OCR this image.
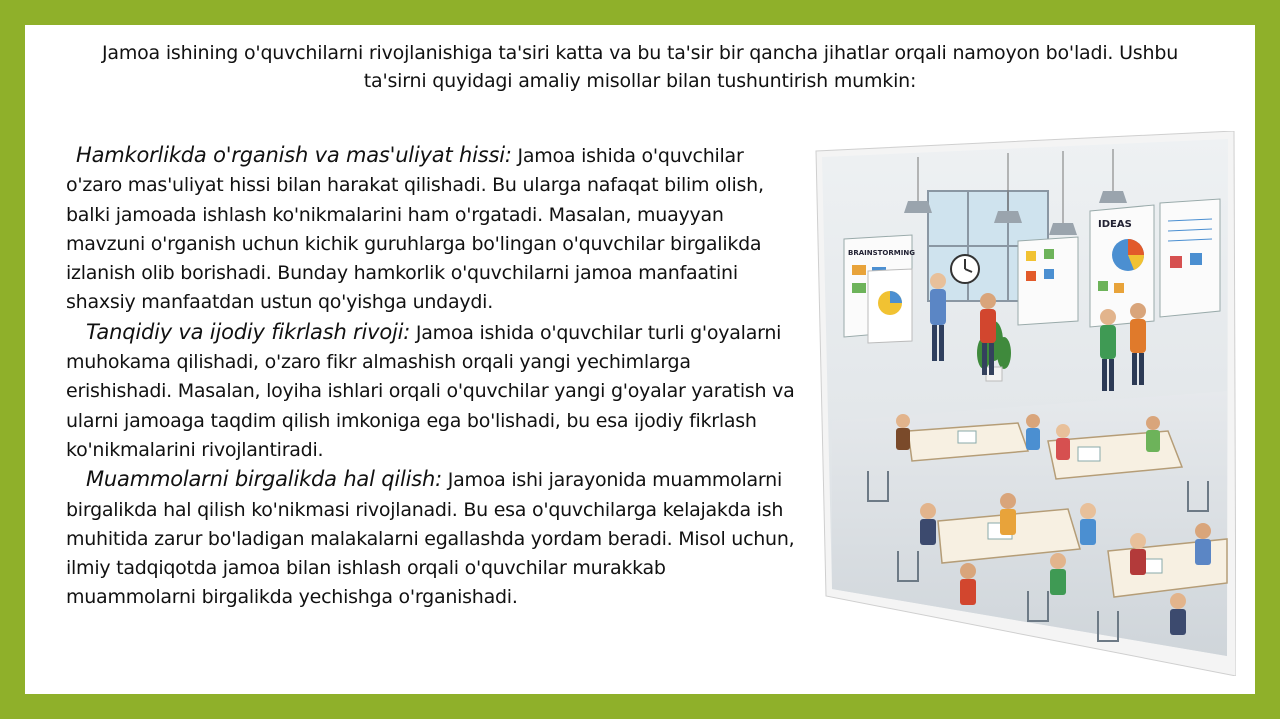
Jamoa ishining o'quvchilarni rivojlanishiga ta'siri katta va bu ta'sir bir qancha jihatlar orqali namoyon bo'ladi. Ushbu ta'sirni quyidagi amaliy misollar bilan tushuntirish mumkin:

Hamkorlikda o'rganish va mas'uliyat hissi: Jamoa ishida o'quvchilar o'zaro mas'uliyat hissi bilan harakat qilishadi. Bu ularga nafaqat bilim olish, balki jamoada ishlash ko'nikmalarini ham o'rgatadi. Masalan, muayyan mavzuni o'rganish uchun kichik guruhlarga bo'lingan o'quvchilar birgalikda izlanish olib borishadi. Bunday hamkorlik o'quvchilarni jamoa manfaatini shaxsiy manfaatdan ustun qo'yishga undaydi.

Tanqidiy va ijodiy fikrlash rivoji: Jamoa ishida o'quvchilar turli g'oyalarni muhokama qilishadi, o'zaro fikr almashish orqali yangi yechimlarga erishishadi. Masalan, loyiha ishlari orqali o'quvchilar yangi g'oyalar yaratish va ularni jamoaga taqdim qilish imkoniga ega bo'lishadi, bu esa ijodiy fikrlash ko'nikmalarini rivojlantiradi.

Muammolarni birgalikda hal qilish: Jamoa ishi jarayonida muammolarni birgalikda hal qilish ko'nikmasi rivojlanadi. Bu esa o'quvchilarga kelajakda ish muhitida zarur bo'ladigan malakalarni egallashda yordam beradi. Misol uchun, ilmiy tadqiqotda jamoa bilan ishlash orqali o'quvchilar murakkab muammolarni birgalikda yechishga o'rganishadi.

BRAINSTORMING
IDEAS
